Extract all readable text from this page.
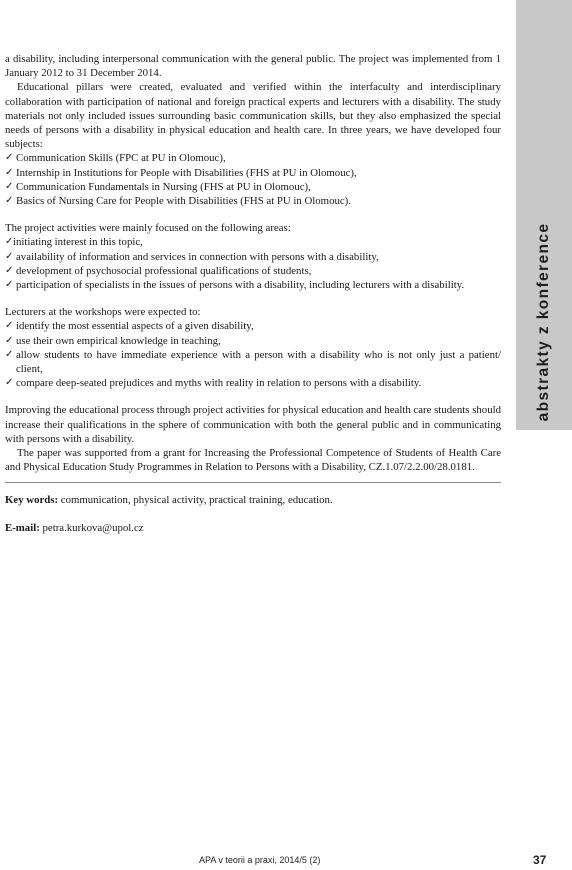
abstrakty z konference

a disability, including interpersonal communication with the general public. The project was implemented from 1 January 2012 to 31 December 2014.

Educational pillars were created, evaluated and verified within the interfaculty and interdisciplinary collaboration with participation of national and foreign practical experts and lecturers with a disability. The study materials not only included issues surrounding basic communication skills, but they also emphasized the special needs of persons with a disability in physical education and health care. In three years, we have developed four subjects:

✓ Communication Skills (FPC at PU in Olomouc),
✓ Internship in Institutions for People with Disabilities (FHS at PU in Olomouc),
✓ Communication Fundamentals in Nursing (FHS at PU in Olomouc),
✓ Basics of Nursing Care for People with Disabilities (FHS at PU in Olomouc).

The project activities were mainly focused on the following areas:

✓ initiating interest in this topic,
✓ availability of information and services in connection with persons with a disability,
✓ development of psychosocial professional qualifications of students,
✓ participation of specialists in the issues of persons with a disability, including lecturers with a disability.

Lecturers at the workshops were expected to:

✓ identify the most essential aspects of a given disability,
✓ use their own empirical knowledge in teaching,
✓ allow students to have immediate experience with a person with a disability who is not only just a patient/ client,
✓ compare deep-seated prejudices and myths with reality in relation to persons with a disability.

Improving the educational process through project activities for physical education and health care students should increase their qualifications in the sphere of communication with both the general public and in communicating with persons with a disability.

The paper was supported from a grant for Increasing the Professional Competence of Students of Health Care and Physical Education Study Programmes in Relation to Persons with a Disability, CZ.1.07/2.2.00/28.0181.

Key words: communication, physical activity, practical training, education.

E-mail: petra.kurkova@upol.cz

APA v teorii a praxi, 2014/5 (2)	37
